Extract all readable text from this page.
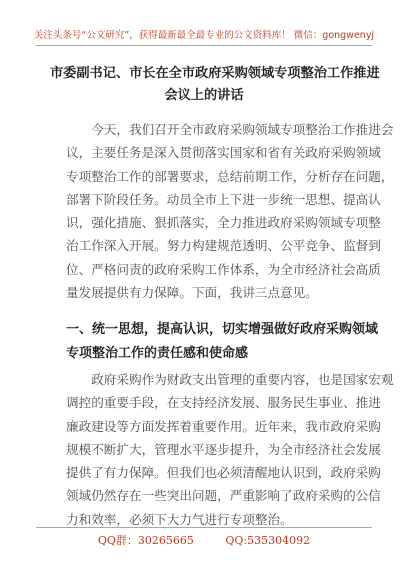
关注头条号“公文研究”，获得最新最全最专业的公文资料库！ 微信：gongwenyj
市委副书记、市长在全市政府采购领域专项整治工作推进
会议上的讲话
今天，我们召开全市政府采购领域专项整治工作推进会
议，主要任务是深入贯彻落实国家和省有关政府采购领域
专项整治工作的部署要求，总结前期工作，分析存在问题，
部署下阶段任务。动员全市上下进一步统一思想、提高认
识，强化措施、狠抓落实，全力推进政府采购领域专项整
治工作深入开展。努力构建规范透明、公平竞争、监督到
位、严格问责的政府采购工作体系，为全市经济社会高质
量发展提供有力保障。下面，我讲三点意见。
一、统一思想，提高认识，切实增强做好政府采购领域
专项整治工作的责任感和使命感
政府采购作为财政支出管理的重要内容，也是国家宏观
调控的重要手段，在支持经济发展、服务民生事业、推进
廉政建设等方面发挥着重要作用。近年来，我市政府采购
规模不断扩大，管理水平逐步提升，为全市经济社会发展
提供了有力保障。但我们也必须清醒地认识到，政府采购
领域仍然存在一些突出问题，严重影响了政府采购的公信
力和效率，必须下大力气进行专项整治。
QQ群：30265665	QQ:535304092
